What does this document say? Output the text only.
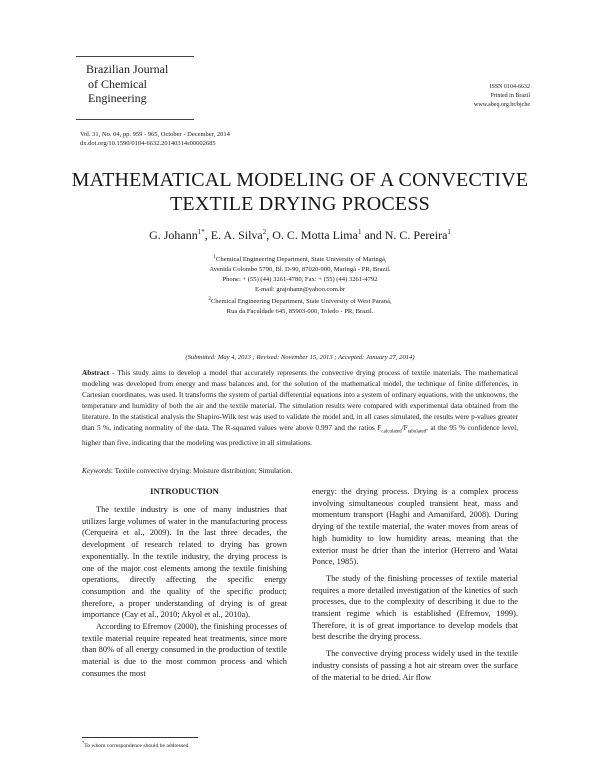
Brazilian Journal
of Chemical
Engineering
ISSN 0104-6632
Printed in Brazil
www.abeq.org.br/bjche
Vol. 31, No. 04, pp. 959 - 965, October - December, 2014
dx.doi.org/10.1590/0104-6632.20140314s00002685
MATHEMATICAL MODELING OF A CONVECTIVE
TEXTILE DRYING PROCESS
G. Johann$^{1*}$, E. A. Silva$^2$, O. C. Motta Lima$^1$ and N. C. Pereira$^1$
$^1$Chemical Engineering Department, State University of Maringá,
Avenida Colombo 5790, Bl. D-90, 87020-900, Maringá - PR, Brazil.
Phone: + (55) (44) 3261-4780, Fax: + (55) (44) 3261-4792
E-mail: grajohann@yahoo.com.br
$^2$Chemical Engineering Department, State University of West Paraná,
Rua da Faculdade 645, 85903-000, Toledo - PR, Brazil.
(Submitted: May 4, 2013 ; Revised: November 15, 2013 ; Accepted: January 27, 2014)
Abstract - This study aims to develop a model that accurately represents the convective drying process of textile materials. The mathematical modeling was developed from energy and mass balances and, for the solution of the mathematical model, the technique of finite differences, in Cartesian coordinates, was used. It transforms the system of partial differential equations into a system of ordinary equations, with the unknowns, the temperature and humidity of both the air and the textile material. The simulation results were compared with experimental data obtained from the literature. In the statistical analysis the Shapiro-Wilk test was used to validate the model and, in all cases simulated, the results were p-values greater than 5 %, indicating normality of the data. The R-squared values were above 0.997 and the ratios $F_{calculated}/F_{tabulated}$, at the 95 % confidence level, higher than five, indicating that the modeling was predictive in all simulations.
Keywords: Textile convective drying; Moisture distribution; Simulation.
INTRODUCTION

The textile industry is one of many industries that utilizes large volumes of water in the manufacturing process (Cerqueira et al., 2009). In the last three decades, the development of research related to drying has grown exponentially. In the textile industry, the drying process is one of the major cost elements among the textile finishing operations, directly affecting the specific energy consumption and the quality of the specific product; therefore, a proper understanding of drying is of great importance (Cay et al., 2010; Akyol et al., 2010a).

According to Efremov (2000), the finishing processes of textile material require repeated heat treatments, since more than 80% of all energy consumed in the production of textile material is due to the most common process and which consumes the most

energy: the drying process. Drying is a complex process involving simultaneous coupled transient heat, mass and momentum transport (Haghi and Amanifard, 2008). During drying of the textile material, the water moves from areas of high humidity to low humidity areas, meaning that the exterior must be drier than the interior (Herrero and Watai Ponce, 1985).

The study of the finishing processes of textile material requires a more detailed investigation of the kinetics of such processes, due to the complexity of describing it due to the transient regime which is established (Efremov, 1999). Therefore, it is of great importance to develop models that best describe the drying process.

The convective drying process widely used in the textile industry consists of passing a hot air stream over the surface of the material to be dried. Air flow

*To whom correspondence should be addressed
